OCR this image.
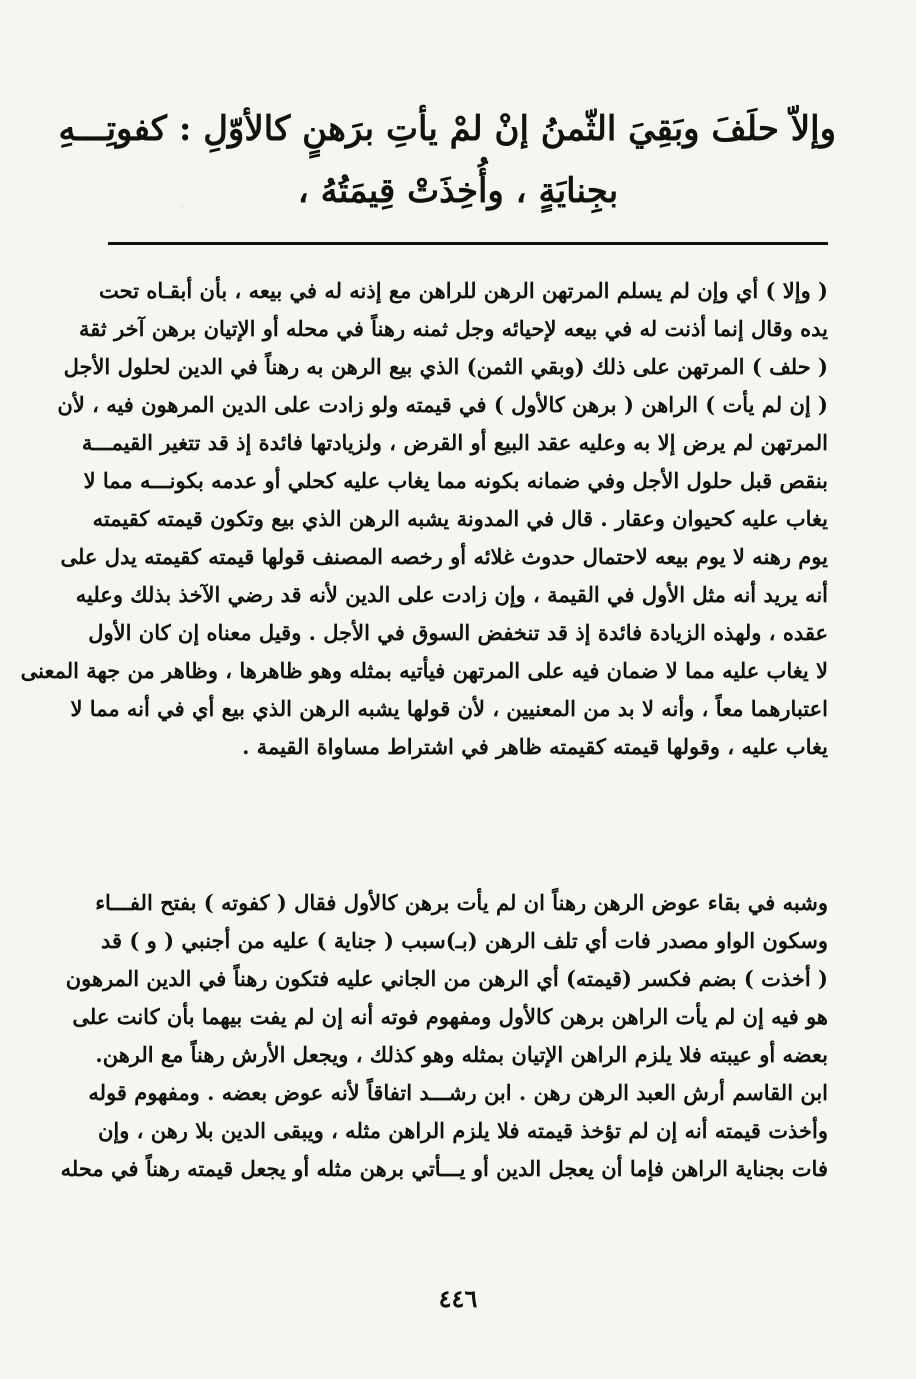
وإلاّ حلَفَ وبَقِيَ الثّمنُ إنْ لمْ يأتِ برَهنٍ كالأوّلِ : كفوتِـــهِ
بجِنايَةٍ ، وأُخِذَتْ قِيمَتُهُ ،
( وإلا ) أي وإن لم يسلم المرتهن الرهن للراهن مع إذنه له في بيعه ، بأن أبقـاه تحت
يده وقال إنما أذنت له في بيعه لإحيائه وجل ثمنه رهناً في محله أو الإتيان برهن آخر ثقة
( حلف ) المرتهن على ذلك (وبقي الثمن) الذي بيع الرهن به رهناً في الدين لحلول الأجل
( إن لم يأت ) الراهن ( برهن كالأول ) في قيمته ولو زادت على الدين المرهون فيه ، لأن
المرتهن لم يرض إلا به وعليه عقد البيع أو القرض ، ولزيادتها فائدة إذ قد تتغير القيمـــة
بنقص قبل حلول الأجل وفي ضمانه بكونه مما يغاب عليه كحلي أو عدمه بكونـــه مما لا
يغاب عليه كحيوان وعقار . قال في المدونة يشبه الرهن الذي بيع وتكون قيمته كقيمته
يوم رهنه لا يوم بيعه لاحتمال حدوث غلائه أو رخصه المصنف قولها قيمته كقيمته يدل على
أنه يريد أنه مثل الأول في القيمة ، وإن زادت على الدين لأنه قد رضي الآخذ بذلك وعليه
عقده ، ولهذه الزيادة فائدة إذ قد تنخفض السوق في الأجل . وقيل معناه إن كان الأول
لا يغاب عليه مما لا ضمان فيه على المرتهن فيأتيه بمثله وهو ظاهرها ، وظاهر من جهة المعنى
اعتبارهما معاً ، وأنه لا بد من المعنيين ، لأن قولها يشبه الرهن الذي بيع أي في أنه مما لا
يغاب عليه ، وقولها قيمته كقيمته ظاهر في اشتراط مساواة القيمة .
وشبه في بقاء عوض الرهن رهناً ان لم يأت برهن كالأول فقال ( كفوته ) بفتح الفـــاء
وسكون الواو مصدر فات أي تلف الرهن (بـ)سبب ( جناية ) عليه من أجنبي ( و ) قد
( أخذت ) بضم فكسر (قيمته) أي الرهن من الجاني عليه فتكون رهناً في الدين المرهون
هو فيه إن لم يأت الراهن برهن كالأول ومفهوم فوته أنه إن لم يفت بيهما بأن كانت على
بعضه أو عيبته فلا يلزم الراهن الإتيان بمثله وهو كذلك ، ويجعل الأرش رهناً مع الرهن.
ابن القاسم أرش العبد الرهن رهن . ابن رشـــد اتفاقاً لأنه عوض بعضه . ومفهوم قوله
وأخذت قيمته أنه إن لم تؤخذ قيمته فلا يلزم الراهن مثله ، ويبقى الدين بلا رهن ، وإن
فات بجناية الراهن فإما أن يعجل الدين أو يـــأتي برهن مثله أو يجعل قيمته رهناً في محله
٤٤٦
